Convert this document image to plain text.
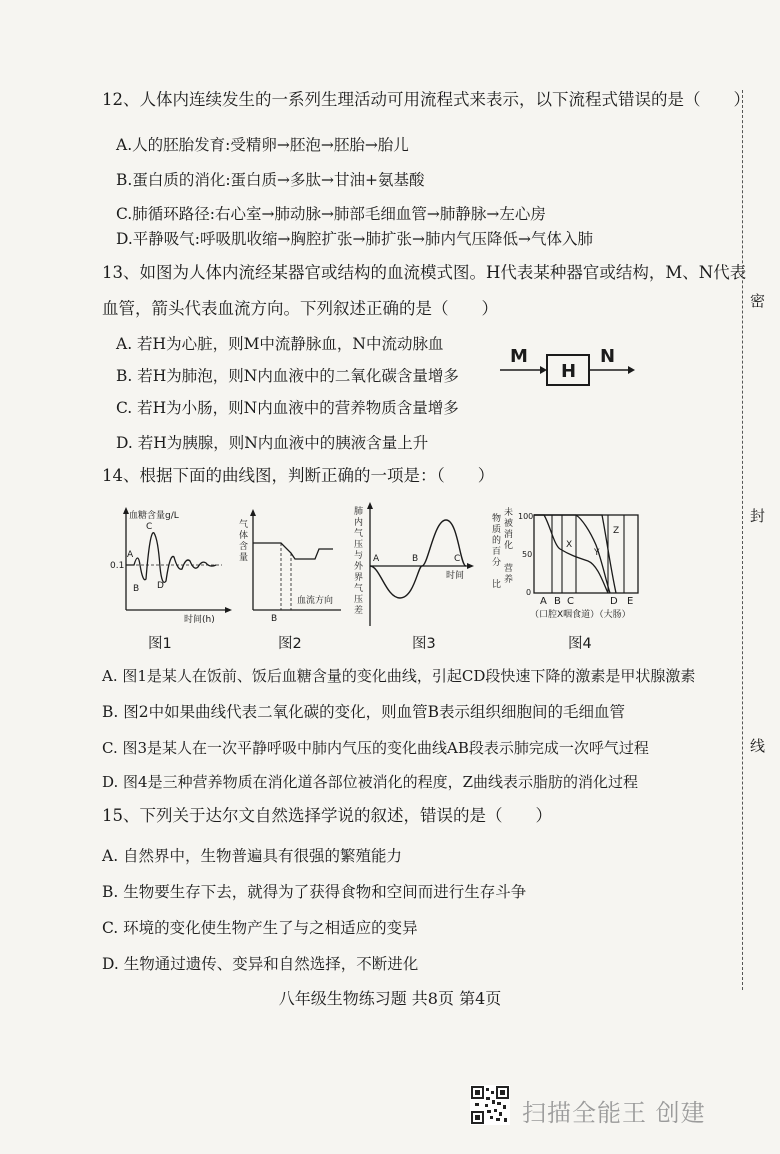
12、人体内连续发生的一系列生理活动可用流程式来表示，以下流程式错误的是（　　）
A.人的胚胎发育:受精卵→胚泡→胚胎→胎儿
B.蛋白质的消化:蛋白质→多肽→甘油+氨基酸
C.肺循环路径:右心室→肺动脉→肺部毛细血管→肺静脉→左心房
D.平静吸气:呼吸肌收缩→胸腔扩张→肺扩张→肺内气压降低→气体入肺
13、如图为人体内流经某器官或结构的血流模式图。H代表某种器官或结构，M、N代表
血管，箭头代表血流方向。下列叙述正确的是（　　）
A. 若H为心脏，则M中流静脉血，N中流动脉血
B. 若H为肺泡，则N内血液中的二氧化碳含量增多
C. 若H为小肠，则N内血液中的营养物质含量增多
D. 若H为胰腺，则N内血液中的胰液含量上升
M
H
N
14、根据下面的曲线图，判断正确的一项是：（　　）
血糖含量g/L
0.1
A
B
C
D
时间(h)
图1
气
体
含
量
B
血流方向
图2
肺
内
气
压
与
外
界
气
压
差
A	B	C
时间
图3
物
质
未
被
消
化
的
百
分
比
营
养
100
50
0
X
Y
Z
A B C	D E
（口腔X咽食道）（大肠）
图4
A. 图1是某人在饭前、饭后血糖含量的变化曲线，引起CD段快速下降的激素是甲状腺激素
B. 图2中如果曲线代表二氧化碳的变化，则血管B表示组织细胞间的毛细血管
C. 图3是某人在一次平静呼吸中肺内气压的变化曲线AB段表示肺完成一次呼气过程
D. 图4是三种营养物质在消化道各部位被消化的程度，Z曲线表示脂肪的消化过程
15、下列关于达尔文自然选择学说的叙述，错误的是（　　）
A. 自然界中，生物普遍具有很强的繁殖能力
B. 生物要生存下去，就得为了获得食物和空间而进行生存斗争
C. 环境的变化使生物产生了与之相适应的变异
D. 生物通过遗传、变异和自然选择，不断进化
密
封
线
八年级生物练习题 共8页 第4页
扫描全能王 创建
